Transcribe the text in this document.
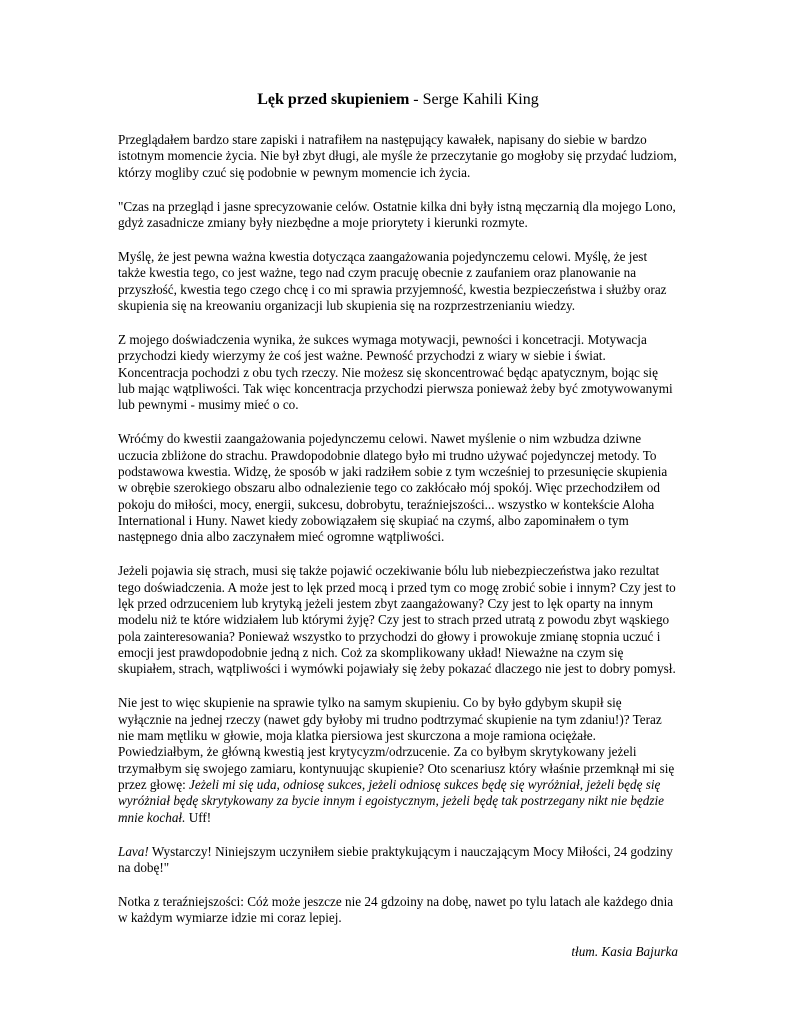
Lęk przed skupieniem - Serge Kahili King

Przeglądałem bardzo stare zapiski i natrafiłem na następujący kawałek, napisany do siebie w bardzo istotnym momencie życia. Nie był zbyt długi, ale myśle że przeczytanie go mogłoby się przydać ludziom, którzy mogliby czuć się podobnie w pewnym momencie ich życia.

"Czas na przegląd i jasne sprecyzowanie celów. Ostatnie kilka dni były istną męczarnią dla mojego Lono, gdyż zasadnicze zmiany były niezbędne a moje priorytety i kierunki rozmyte.

Myślę, że jest pewna ważna kwestia dotycząca zaangażowania pojedynczemu celowi. Myślę, że jest także kwestia tego, co jest ważne, tego nad czym pracuję obecnie z zaufaniem oraz planowanie na przyszłość, kwestia tego czego chcę i co mi sprawia przyjemność, kwestia bezpieczeństwa i służby oraz skupienia się na kreowaniu organizacji lub skupienia się na rozprzestrzenianiu wiedzy.

Z mojego doświadczenia wynika, że sukces wymaga motywacji, pewności i koncetracji. Motywacja przychodzi kiedy wierzymy że coś jest ważne. Pewność przychodzi z wiary w siebie i świat. Koncentracja pochodzi z obu tych rzeczy. Nie możesz się skoncentrować będąc apatycznym, bojąc się lub mając wątpliwości. Tak więc koncentracja przychodzi pierwsza ponieważ żeby być zmotywowanymi lub pewnymi - musimy mieć o co.

Wróćmy do kwestii zaangażowania pojedynczemu celowi. Nawet myślenie o nim wzbudza dziwne uczucia zbliżone do strachu. Prawdopodobnie dlatego było mi trudno używać pojedynczej metody. To podstawowa kwestia. Widzę, że sposób w jaki radziłem sobie z tym wcześniej to przesunięcie skupienia w obrębie szerokiego obszaru albo odnalezienie tego co zakłócało mój spokój. Więc przechodziłem od pokoju do miłości, mocy, energii, sukcesu, dobrobytu, teraźniejszości... wszystko w kontekście Aloha International i Huny. Nawet kiedy zobowiązałem się skupiać na czymś, albo zapominałem o tym następnego dnia albo zaczynałem mieć ogromne wątpliwości.

Jeżeli pojawia się strach, musi się także pojawić oczekiwanie bólu lub niebezpieczeństwa jako rezultat tego doświadczenia. A może jest to lęk przed mocą i przed tym co mogę zrobić sobie i innym? Czy jest to lęk przed odrzuceniem lub krytyką jeżeli jestem zbyt zaangażowany? Czy jest to lęk oparty na innym modelu niż te które widziałem lub którymi żyję? Czy jest to strach przed utratą z powodu zbyt wąskiego pola zainteresowania? Ponieważ wszystko to przychodzi do głowy i prowokuje zmianę stopnia uczuć i emocji jest prawdopodobnie jedną z nich. Coż za skomplikowany układ! Nieważne na czym się skupiałem, strach, wątpliwości i wymówki pojawiały się żeby pokazać dlaczego nie jest to dobry pomysł.

Nie jest to więc skupienie na sprawie tylko na samym skupieniu. Co by było gdybym skupił się wyłącznie na jednej rzeczy (nawet gdy byłoby mi trudno podtrzymać skupienie na tym zdaniu!)? Teraz nie mam mętliku w głowie, moja klatka piersiowa jest skurczona a moje ramiona ociężałe. Powiedziałbym, że główną kwestią jest krytycyzm/odrzucenie. Za co byłbym skrytykowany jeżeli trzymałbym się swojego zamiaru, kontynuując skupienie? Oto scenariusz który właśnie przemknął mi się przez głowę: Jeżeli mi się uda, odniosę sukces, jeżeli odniosę sukces będę się wyróżniał, jeżeli będę się wyróżniał będę skrytykowany za bycie innym i egoistycznym, jeżeli będę tak postrzegany nikt nie będzie mnie kochał. Uff!

Lava! Wystarczy! Niniejszym uczyniłem siebie praktykującym i nauczającym Mocy Miłości, 24 godziny na dobę!"

Notka z teraźniejszości: Cóż może jeszcze nie 24 gdzoiny na dobę, nawet po tylu latach ale każdego dnia w każdym wymiarze idzie mi coraz lepiej.

tłum. Kasia Bajurka
